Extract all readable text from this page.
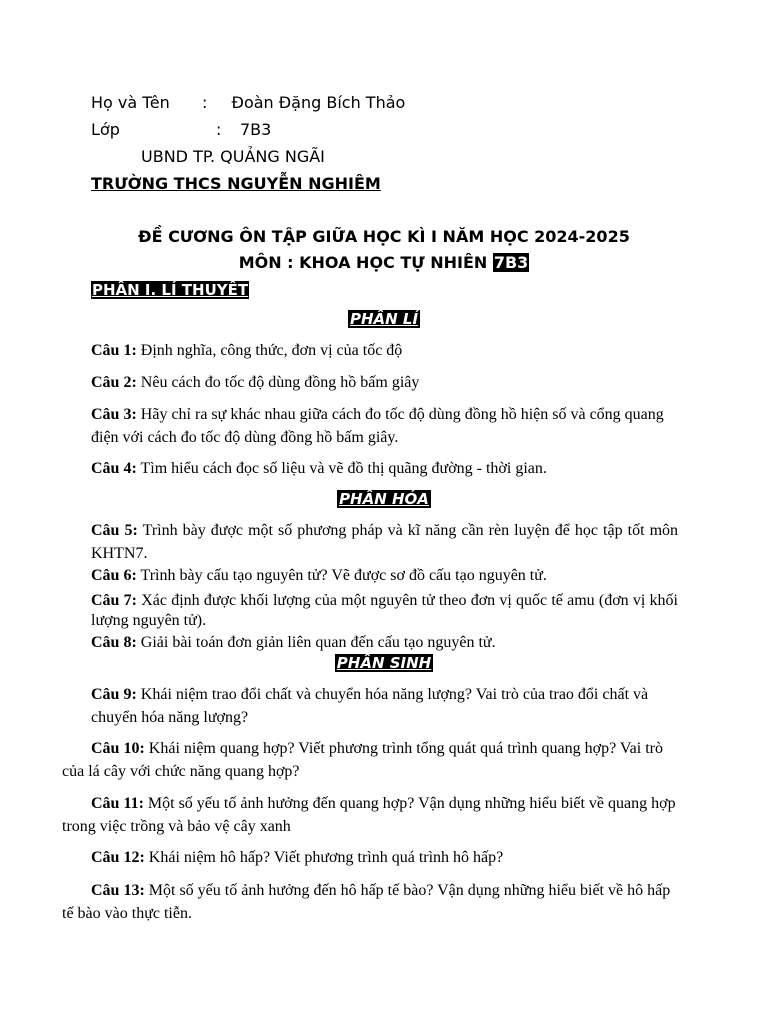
Họ và Tên : Đoàn Đặng Bích Thảo
Lớp	: 7B3
UBND TP. QUẢNG NGÃI
TRƯỜNG THCS NGUYỄN NGHIÊM
ĐỀ CƯƠNG ÔN TẬP GIỮA HỌC KÌ I NĂM HỌC 2024-2025
MÔN : KHOA HỌC TỰ NHIÊN 7B3
PHẦN I. LÍ THUYẾT
PHẦN LÍ
Câu 1: Định nghĩa, công thức, đơn vị của tốc độ
Câu 2: Nêu cách đo tốc độ dùng đồng hồ bấm giây
Câu 3: Hãy chỉ ra sự khác nhau giữa cách đo tốc độ dùng đồng hồ hiện số và cổng quang điện với cách đo tốc độ dùng đồng hồ bấm giây.
Câu 4: Tìm hiểu cách đọc số liệu và vẽ đồ thị quãng đường - thời gian.
PHẦN HÓA
Câu 5: Trình bày được một số phương pháp và kĩ năng cần rèn luyện để học tập tốt môn KHTN7.
Câu 6: Trình bày cấu tạo nguyên tử? Vẽ được sơ đồ cấu tạo nguyên tử.
Câu 7: Xác định được khối lượng của một nguyên tử theo đơn vị quốc tế amu (đơn vị khối lượng nguyên tử).
Câu 8: Giải bài toán đơn giản liên quan đến cấu tạo nguyên tử.
PHẦN SINH
Câu 9: Khái niệm trao đổi chất và chuyển hóa năng lượng? Vai trò của trao đổi chất và chuyển hóa năng lượng?
Câu 10: Khái niệm quang hợp? Viết phương trình tổng quát quá trình quang hợp? Vai trò của lá cây với chức năng quang hợp?
Câu 11: Một số yếu tố ảnh hưởng đến quang hợp? Vận dụng những hiểu biết về quang hợp trong việc trồng và bảo vệ cây xanh
Câu 12: Khái niệm hô hấp? Viết phương trình quá trình hô hấp?
Câu 13: Một số yếu tố ảnh hưởng đến hô hấp tế bào? Vận dụng những hiểu biết về hô hấp tế bào vào thực tiễn.
